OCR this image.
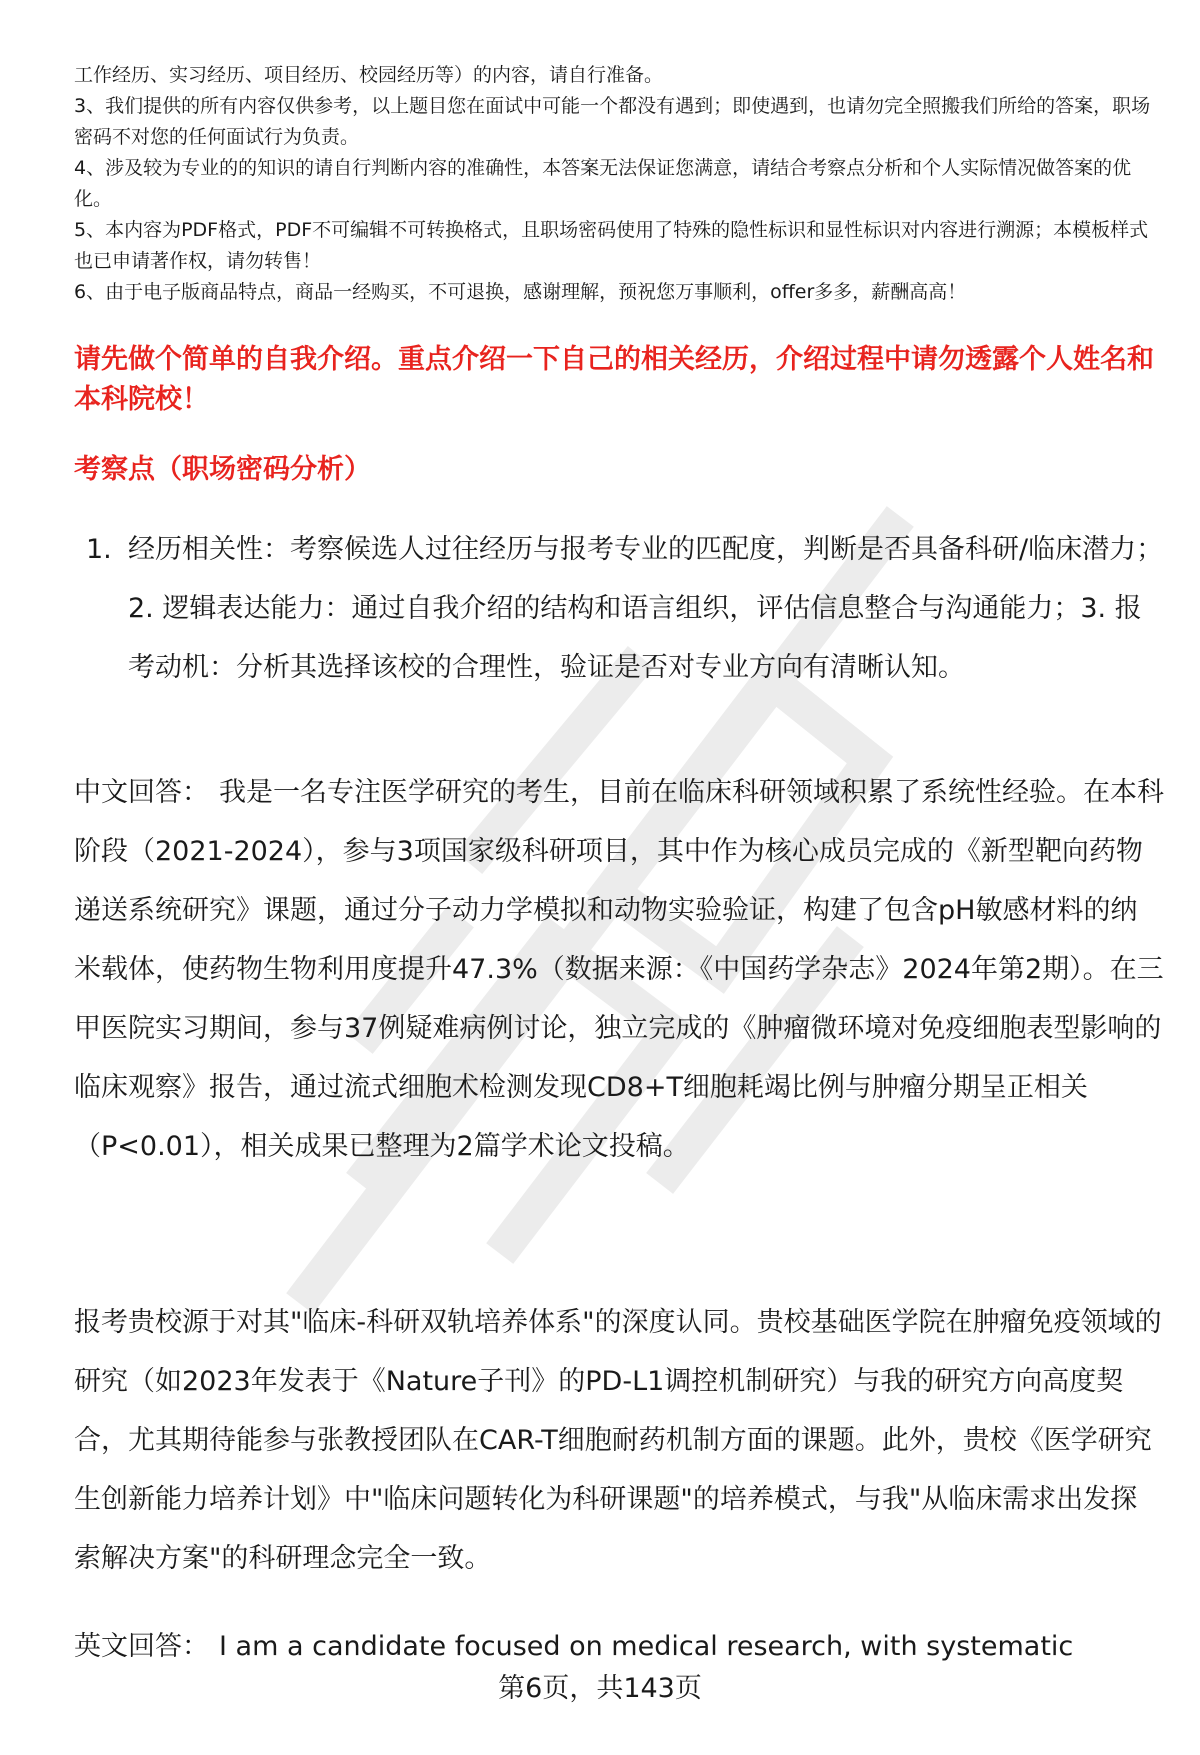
工作经历、实习经历、项目经历、校园经历等）的内容，请自行准备。

3、我们提供的所有内容仅供参考，以上题目您在面试中可能一个都没有遇到；即使遇到，也请勿完全照搬我们所给的答案，职场密码不对您的任何面试行为负责。

4、涉及较为专业的的知识的请自行判断内容的准确性，本答案无法保证您满意，请结合考察点分析和个人实际情况做答案的优化。

5、本内容为PDF格式，PDF不可编辑不可转换格式，且职场密码使用了特殊的隐性标识和显性标识对内容进行溯源；本模板样式也已申请著作权，请勿转售！

6、由于电子版商品特点，商品一经购买，不可退换，感谢理解，预祝您万事顺利，offer多多，薪酬高高！

请先做个简单的自我介绍。重点介绍一下自己的相关经历，介绍过程中请勿透露个人姓名和本科院校！
考察点（职场密码分析）
1. 经历相关性：考察候选人过往经历与报考专业的匹配度，判断是否具备科研/临床潜力；2. 逻辑表达能力：通过自我介绍的结构和语言组织，评估信息整合与沟通能力；3. 报考动机：分析其选择该校的合理性，验证是否对专业方向有清晰认知。
中文回答： 我是一名专注医学研究的考生，目前在临床科研领域积累了系统性经验。在本科阶段（2021-2024），参与3项国家级科研项目，其中作为核心成员完成的《新型靶向药物递送系统研究》课题，通过分子动力学模拟和动物实验验证，构建了包含pH敏感材料的纳米载体，使药物生物利用度提升47.3%（数据来源：《中国药学杂志》2024年第2期）。在三甲医院实习期间，参与37例疑难病例讨论，独立完成的《肿瘤微环境对免疫细胞表型影响的临床观察》报告，通过流式细胞术检测发现CD8+T细胞耗竭比例与肿瘤分期呈正相关（P<0.01），相关成果已整理为2篇学术论文投稿。
报考贵校源于对其"临床-科研双轨培养体系"的深度认同。贵校基础医学院在肿瘤免疫领域的研究（如2023年发表于《Nature子刊》的PD-L1调控机制研究）与我的研究方向高度契合，尤其期待能参与张教授团队在CAR-T细胞耐药机制方面的课题。此外，贵校《医学研究生创新能力培养计划》中"临床问题转化为科研课题"的培养模式，与我"从临床需求出发探索解决方案"的科研理念完全一致。
英文回答： I am a candidate focused on medical research, with systematic
第6页，共143页
